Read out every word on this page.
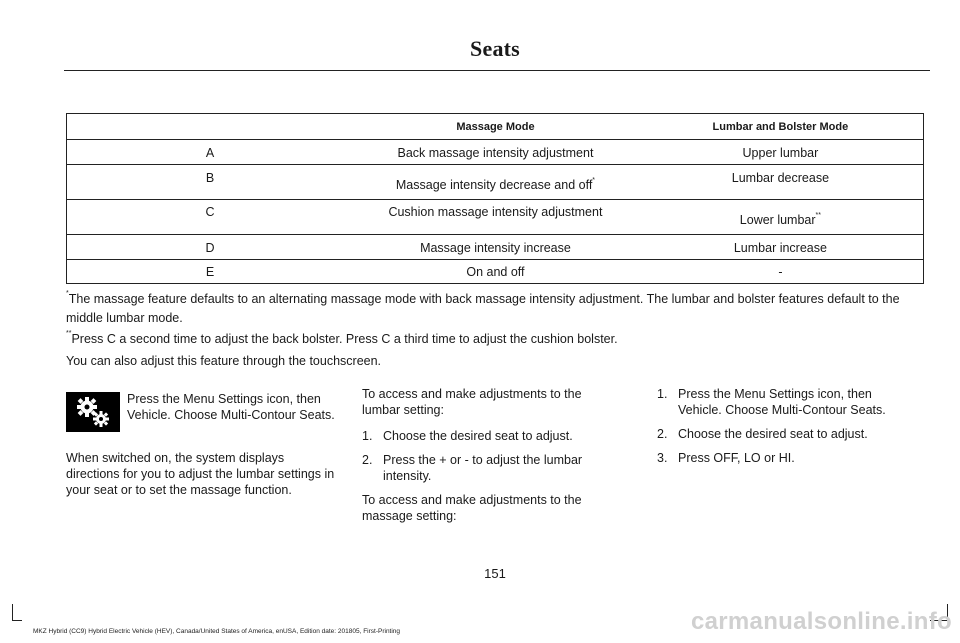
Seats
	Massage Mode	Lumbar and Bolster Mode
A	Back massage intensity adjustment	Upper lumbar
B	Massage intensity decrease and off*	Lumbar decrease
C	Cushion massage intensity adjustment	Lower lumbar**
D	Massage intensity increase	Lumbar increase
E	On and off	-
*The massage feature defaults to an alternating massage mode with back massage intensity adjustment. The lumbar and bolster features default to the middle lumbar mode.
**Press C a second time to adjust the back bolster. Press C a third time to adjust the cushion bolster.
You can also adjust this feature through the touchscreen.
Press the Menu Settings icon, then Vehicle. Choose Multi-Contour Seats.
When switched on, the system displays directions for you to adjust the lumbar settings in your seat or to set the massage function.

To access and make adjustments to the lumbar setting:

1. Choose the desired seat to adjust.
2. Press the + or - to adjust the lumbar intensity.

To access and make adjustments to the massage setting:

1. Press the Menu Settings icon, then Vehicle. Choose Multi-Contour Seats.
2. Choose the desired seat to adjust.
3. Press OFF, LO or HI.
151
MKZ Hybrid (CC9) Hybrid Electric Vehicle (HEV), Canada/United States of America, enUSA, Edition date: 201805, First-Printing	carmanualsonline.info
